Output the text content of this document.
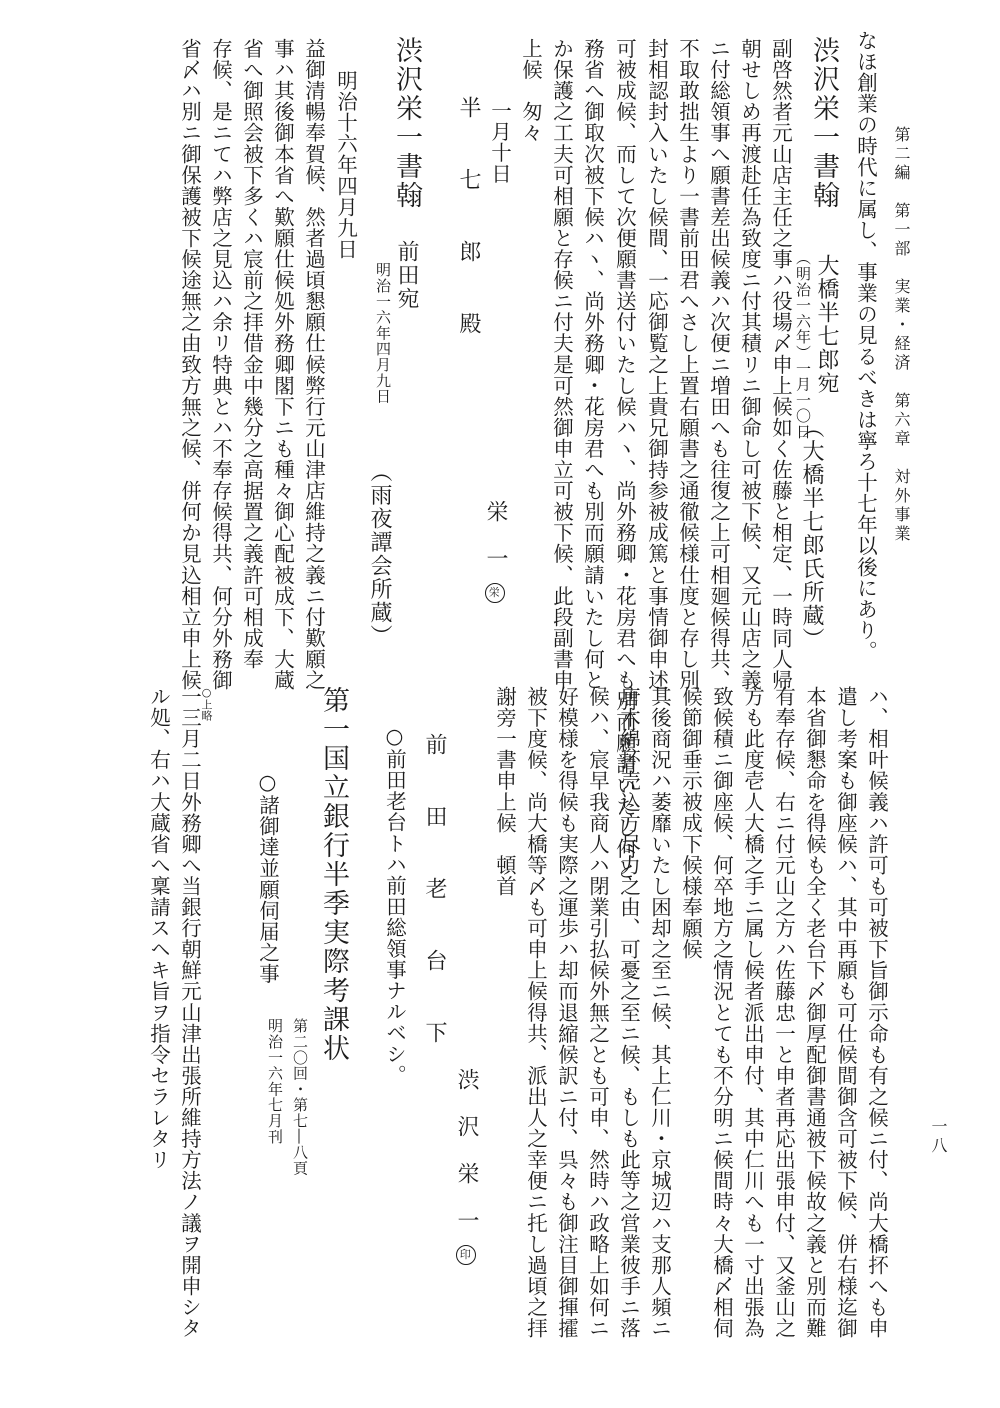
第二編　第一部　実業・経済　第六章　対外事業
一八
なほ創業の時代に属し、事業の見るべきは寧ろ十七年以後にあり。
渋沢栄一書翰
大橋半七郎宛
（明治一六年）一月一〇日
（大橋半七郎氏所蔵）
副啓然者元山店主任之事ハ役場〆申上候如く佐藤と相定、一時同人帰
朝せしめ再渡赴任為致度ニ付其積リニ御命し可被下候、又元山店之義
ニ付総領事へ願書差出候義ハ次便ニ増田へも往復之上可相廻候得共、
不取敢拙生より一書前田君へさし上置右願書之通徹候様仕度と存し別
封相認封入いたし候間、一応御覧之上貴兄御持参被成篤と事情御申述
務省へ御取次被下候ハヽ、尚外務卿・花房君へも別而願請いたし何と
か保護之工夫可相願と存候ニ付夫是可然御申立可被下候、此段副書申
上候　匆々	可被成候、而して次便願書送付いたし候ハヽ、尚外務卿・花房君へも別而願請いたし何と
一月十日
栄　一 栄
半　七　郎　殿
渋沢栄一書翰
前田宛
明治一六年四月九日
（雨夜譚会所蔵）
明治十六年四月九日
益御清暢奉賀候、然者過頃懇願仕候弊行元山津店維持之義ニ付歎願之
事ハ其後御本省へ歎願仕候処外務卿閣下ニも種々御心配被成下、大蔵
省へ御照会被下多くハ宸前之拝借金中幾分之高据置之義許可相成奉
存候、是ニてハ弊店之見込ハ余リ特典とハ不奉存候得共、何分外務御
省〆ハ別ニ御保護被下候途無之由致方無之候、併何か見込相立申上候
ハ、相叶候義ハ許可も可被下旨御示命も有之候ニ付、尚大橋抔へも申
遣し考案も御座候ハ、其中再願も可仕候間御含可被下候、併右様迄御
本省御懇命を得候も全く老台下〆御厚配御書通被下候故之義と別而難
有奉存候、右ニ付元山之方ハ佐藤忠一と申者再応出張申付、又釜山之
方も此度壱人大橋之手ニ属し候者派出申付、其中仁川へも一寸出張為
致候積ニ御座候、何卒地方之情況とても不分明ニ候間時々大橋〆相伺
候節御垂示被成下候様奉願候
其後商況ハ萎靡いたし困却之至ニ候、其上仁川・京城辺ハ支那人頻ニ
唐木綿抔売込方尽力之由、可憂之至ニ候、もしも此等之営業彼手ニ落
候ハ、宸早我商人ハ閉業引払候外無之とも可申、然時ハ政略上如何ニ
好模様を得候も実際之運歩ハ却而退縮候訳ニ付、呉々も御注目御揮攉
被下度候、尚大橋等〆も可申上候得共、派出人之幸便ニ托し過頃之拝
謝旁一書申上候　頓首
渋　沢　栄　一 印
前　田　老　台　下
○前田老台トハ前田総領事ナルベシ。
第一国立銀行半季実際考課状
第二〇回・第七―八頁
明治一六年七月刊
○諸御達並願伺届之事
○上略
一三月二日外務卿へ当銀行朝鮮元山津出張所維持方法ノ議ヲ開申シタ
ル処、右ハ大蔵省へ稟請スヘキ旨ヲ指令セラレタリ
